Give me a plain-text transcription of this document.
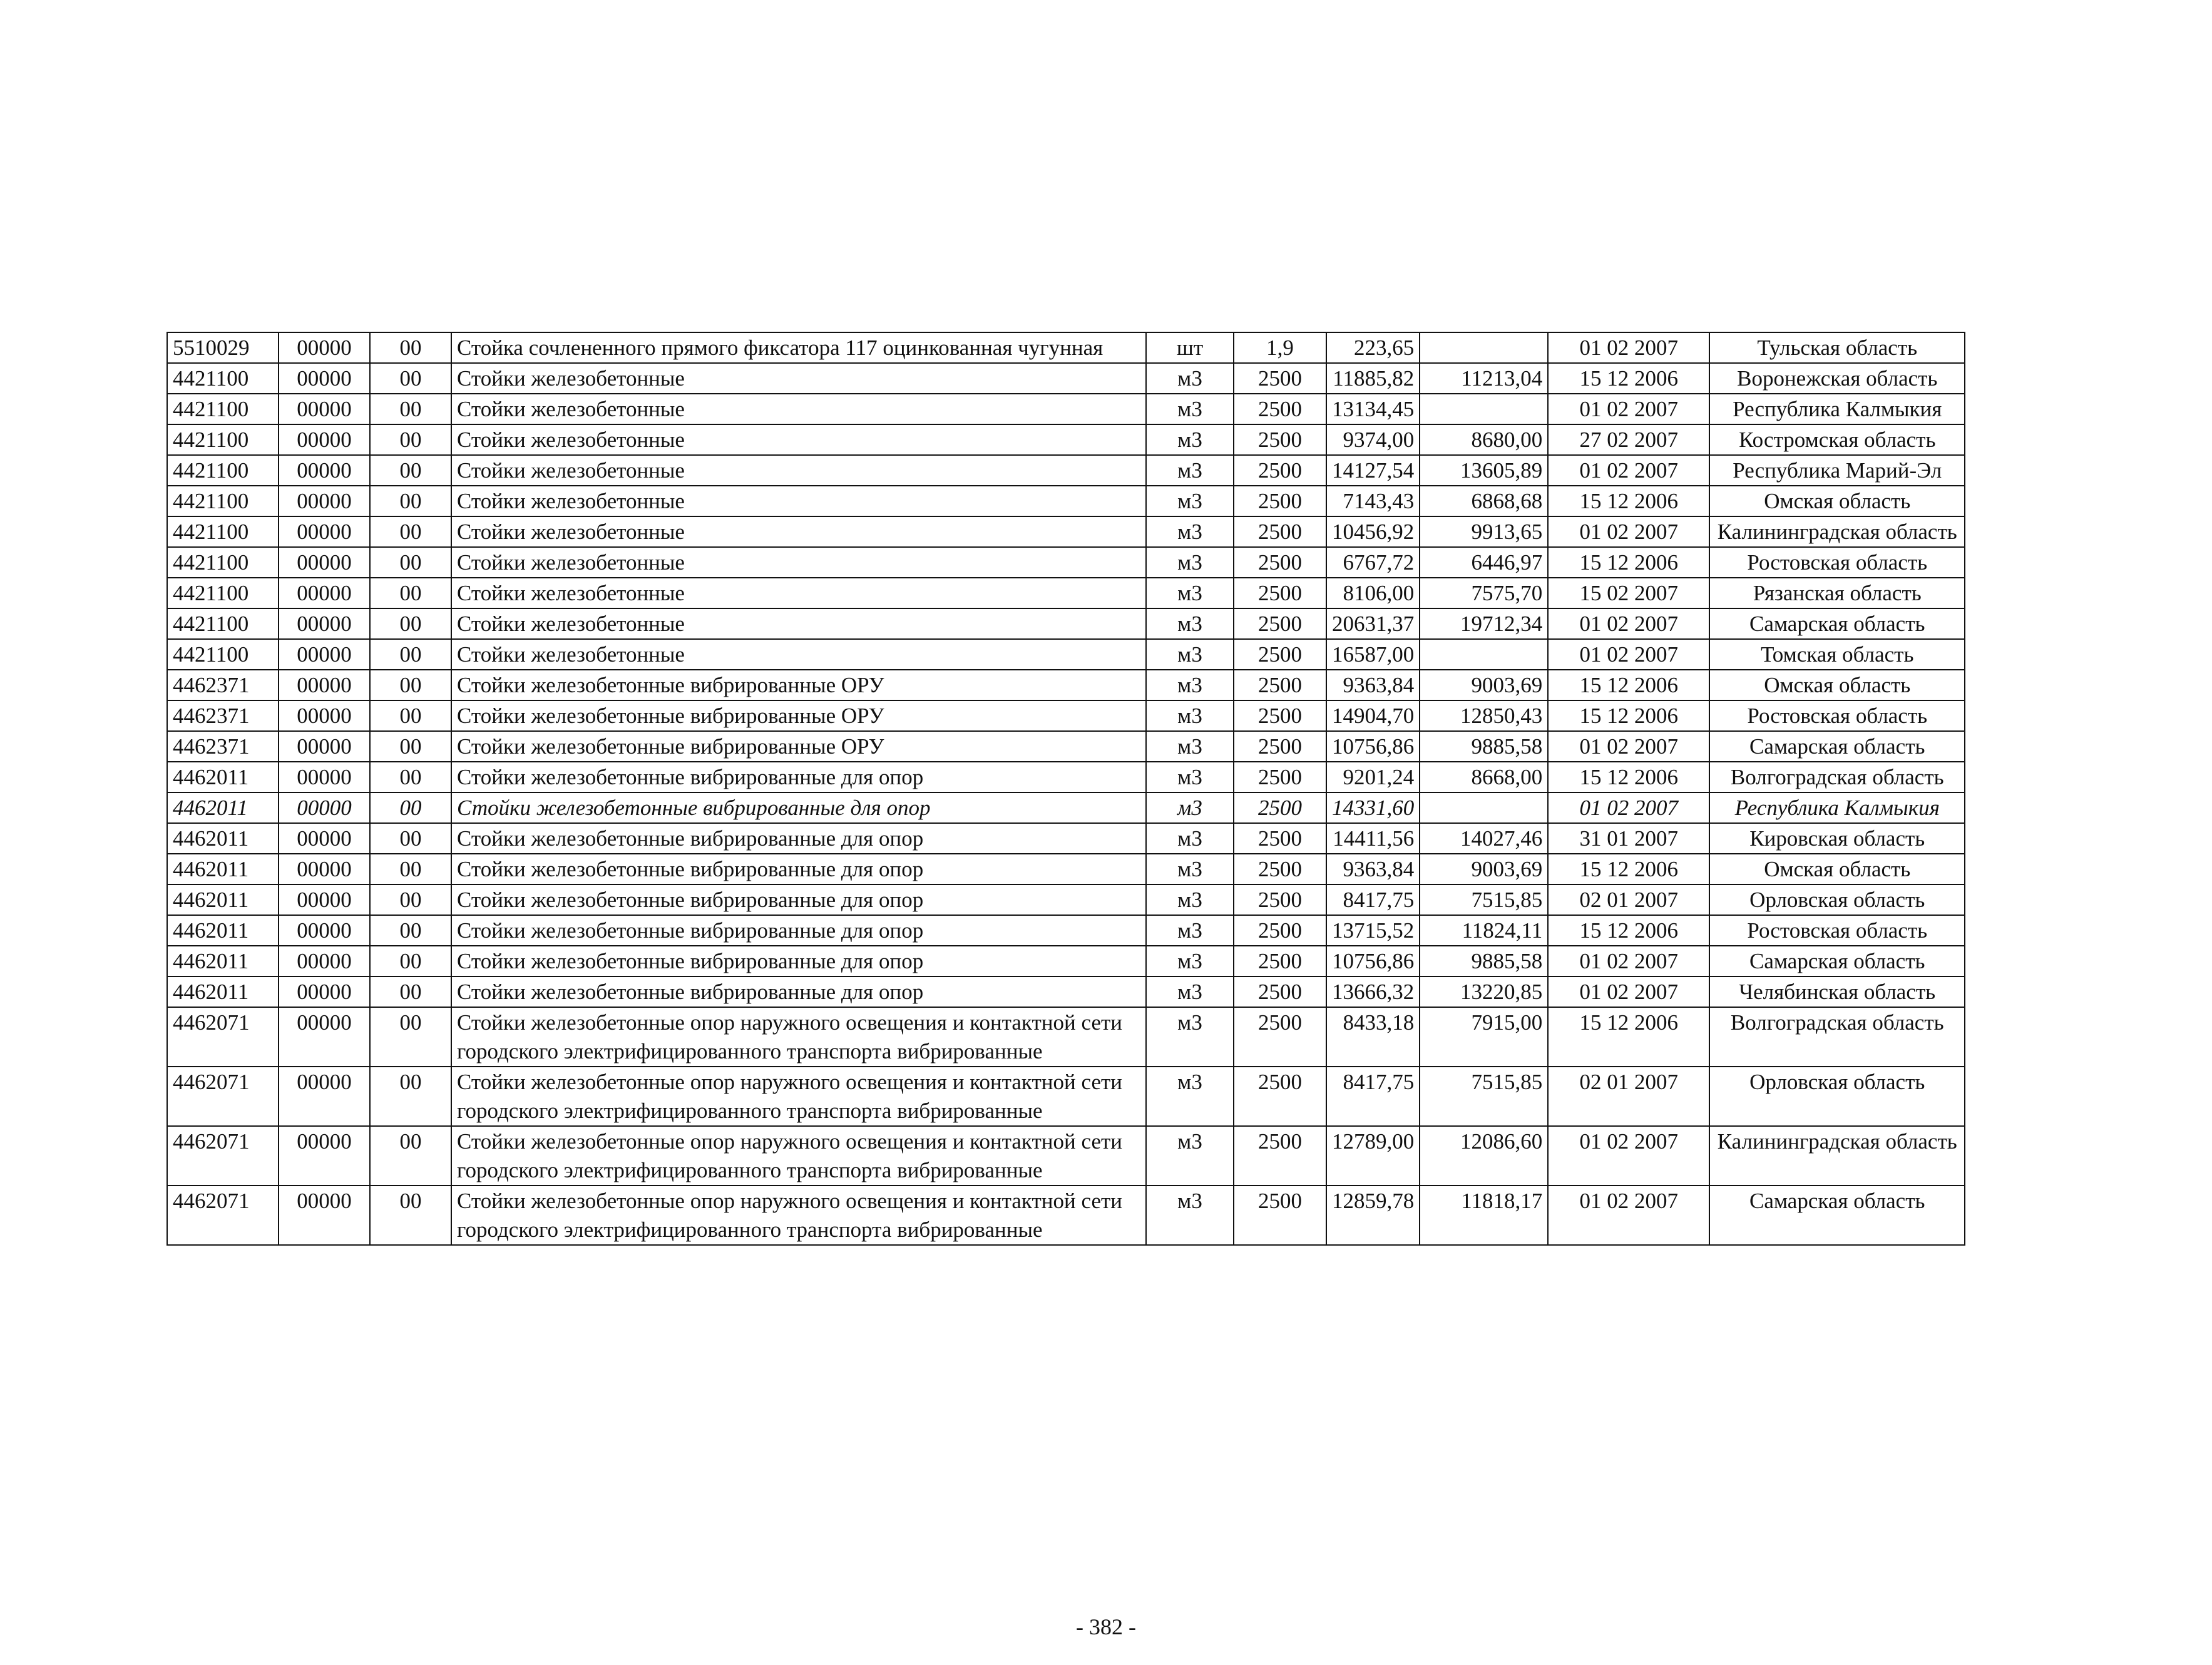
5510029	00000	00	Стойка сочлененного прямого фиксатора 117 оцинкованная чугунная	шт	1,9	223,65		01 02 2007	Тульская область
4421100	00000	00	Стойки железобетонные	м3	2500	11885,82	11213,04	15 12 2006	Воронежская область
4421100	00000	00	Стойки железобетонные	м3	2500	13134,45		01 02 2007	Республика Калмыкия
4421100	00000	00	Стойки железобетонные	м3	2500	9374,00	8680,00	27 02 2007	Костромская область
4421100	00000	00	Стойки железобетонные	м3	2500	14127,54	13605,89	01 02 2007	Республика Марий-Эл
4421100	00000	00	Стойки железобетонные	м3	2500	7143,43	6868,68	15 12 2006	Омская область
4421100	00000	00	Стойки железобетонные	м3	2500	10456,92	9913,65	01 02 2007	Калининградская область
4421100	00000	00	Стойки железобетонные	м3	2500	6767,72	6446,97	15 12 2006	Ростовская область
4421100	00000	00	Стойки железобетонные	м3	2500	8106,00	7575,70	15 02 2007	Рязанская область
4421100	00000	00	Стойки железобетонные	м3	2500	20631,37	19712,34	01 02 2007	Самарская область
4421100	00000	00	Стойки железобетонные	м3	2500	16587,00		01 02 2007	Томская область
4462371	00000	00	Стойки железобетонные вибрированные ОРУ	м3	2500	9363,84	9003,69	15 12 2006	Омская область
4462371	00000	00	Стойки железобетонные вибрированные ОРУ	м3	2500	14904,70	12850,43	15 12 2006	Ростовская область
4462371	00000	00	Стойки железобетонные вибрированные ОРУ	м3	2500	10756,86	9885,58	01 02 2007	Самарская область
4462011	00000	00	Стойки железобетонные вибрированные для опор	м3	2500	9201,24	8668,00	15 12 2006	Волгоградская область
4462011	00000	00	Стойки железобетонные вибрированные для опор	м3	2500	14331,60		01 02 2007	Республика Калмыкия
4462011	00000	00	Стойки железобетонные вибрированные для опор	м3	2500	14411,56	14027,46	31 01 2007	Кировская область
4462011	00000	00	Стойки железобетонные вибрированные для опор	м3	2500	9363,84	9003,69	15 12 2006	Омская область
4462011	00000	00	Стойки железобетонные вибрированные для опор	м3	2500	8417,75	7515,85	02 01 2007	Орловская область
4462011	00000	00	Стойки железобетонные вибрированные для опор	м3	2500	13715,52	11824,11	15 12 2006	Ростовская область
4462011	00000	00	Стойки железобетонные вибрированные для опор	м3	2500	10756,86	9885,58	01 02 2007	Самарская область
4462011	00000	00	Стойки железобетонные вибрированные для опор	м3	2500	13666,32	13220,85	01 02 2007	Челябинская область
4462071	00000	00	Стойки железобетонные опор наружного освещения и контактной сети городского электрифицированного транспорта вибрированные	м3	2500	8433,18	7915,00	15 12 2006	Волгоградская область
4462071	00000	00	Стойки железобетонные опор наружного освещения и контактной сети городского электрифицированного транспорта вибрированные	м3	2500	8417,75	7515,85	02 01 2007	Орловская область
4462071	00000	00	Стойки железобетонные опор наружного освещения и контактной сети городского электрифицированного транспорта вибрированные	м3	2500	12789,00	12086,60	01 02 2007	Калининградская область
4462071	00000	00	Стойки железобетонные опор наружного освещения и контактной сети городского электрифицированного транспорта вибрированные	м3	2500	12859,78	11818,17	01 02 2007	Самарская область
- 382 -
